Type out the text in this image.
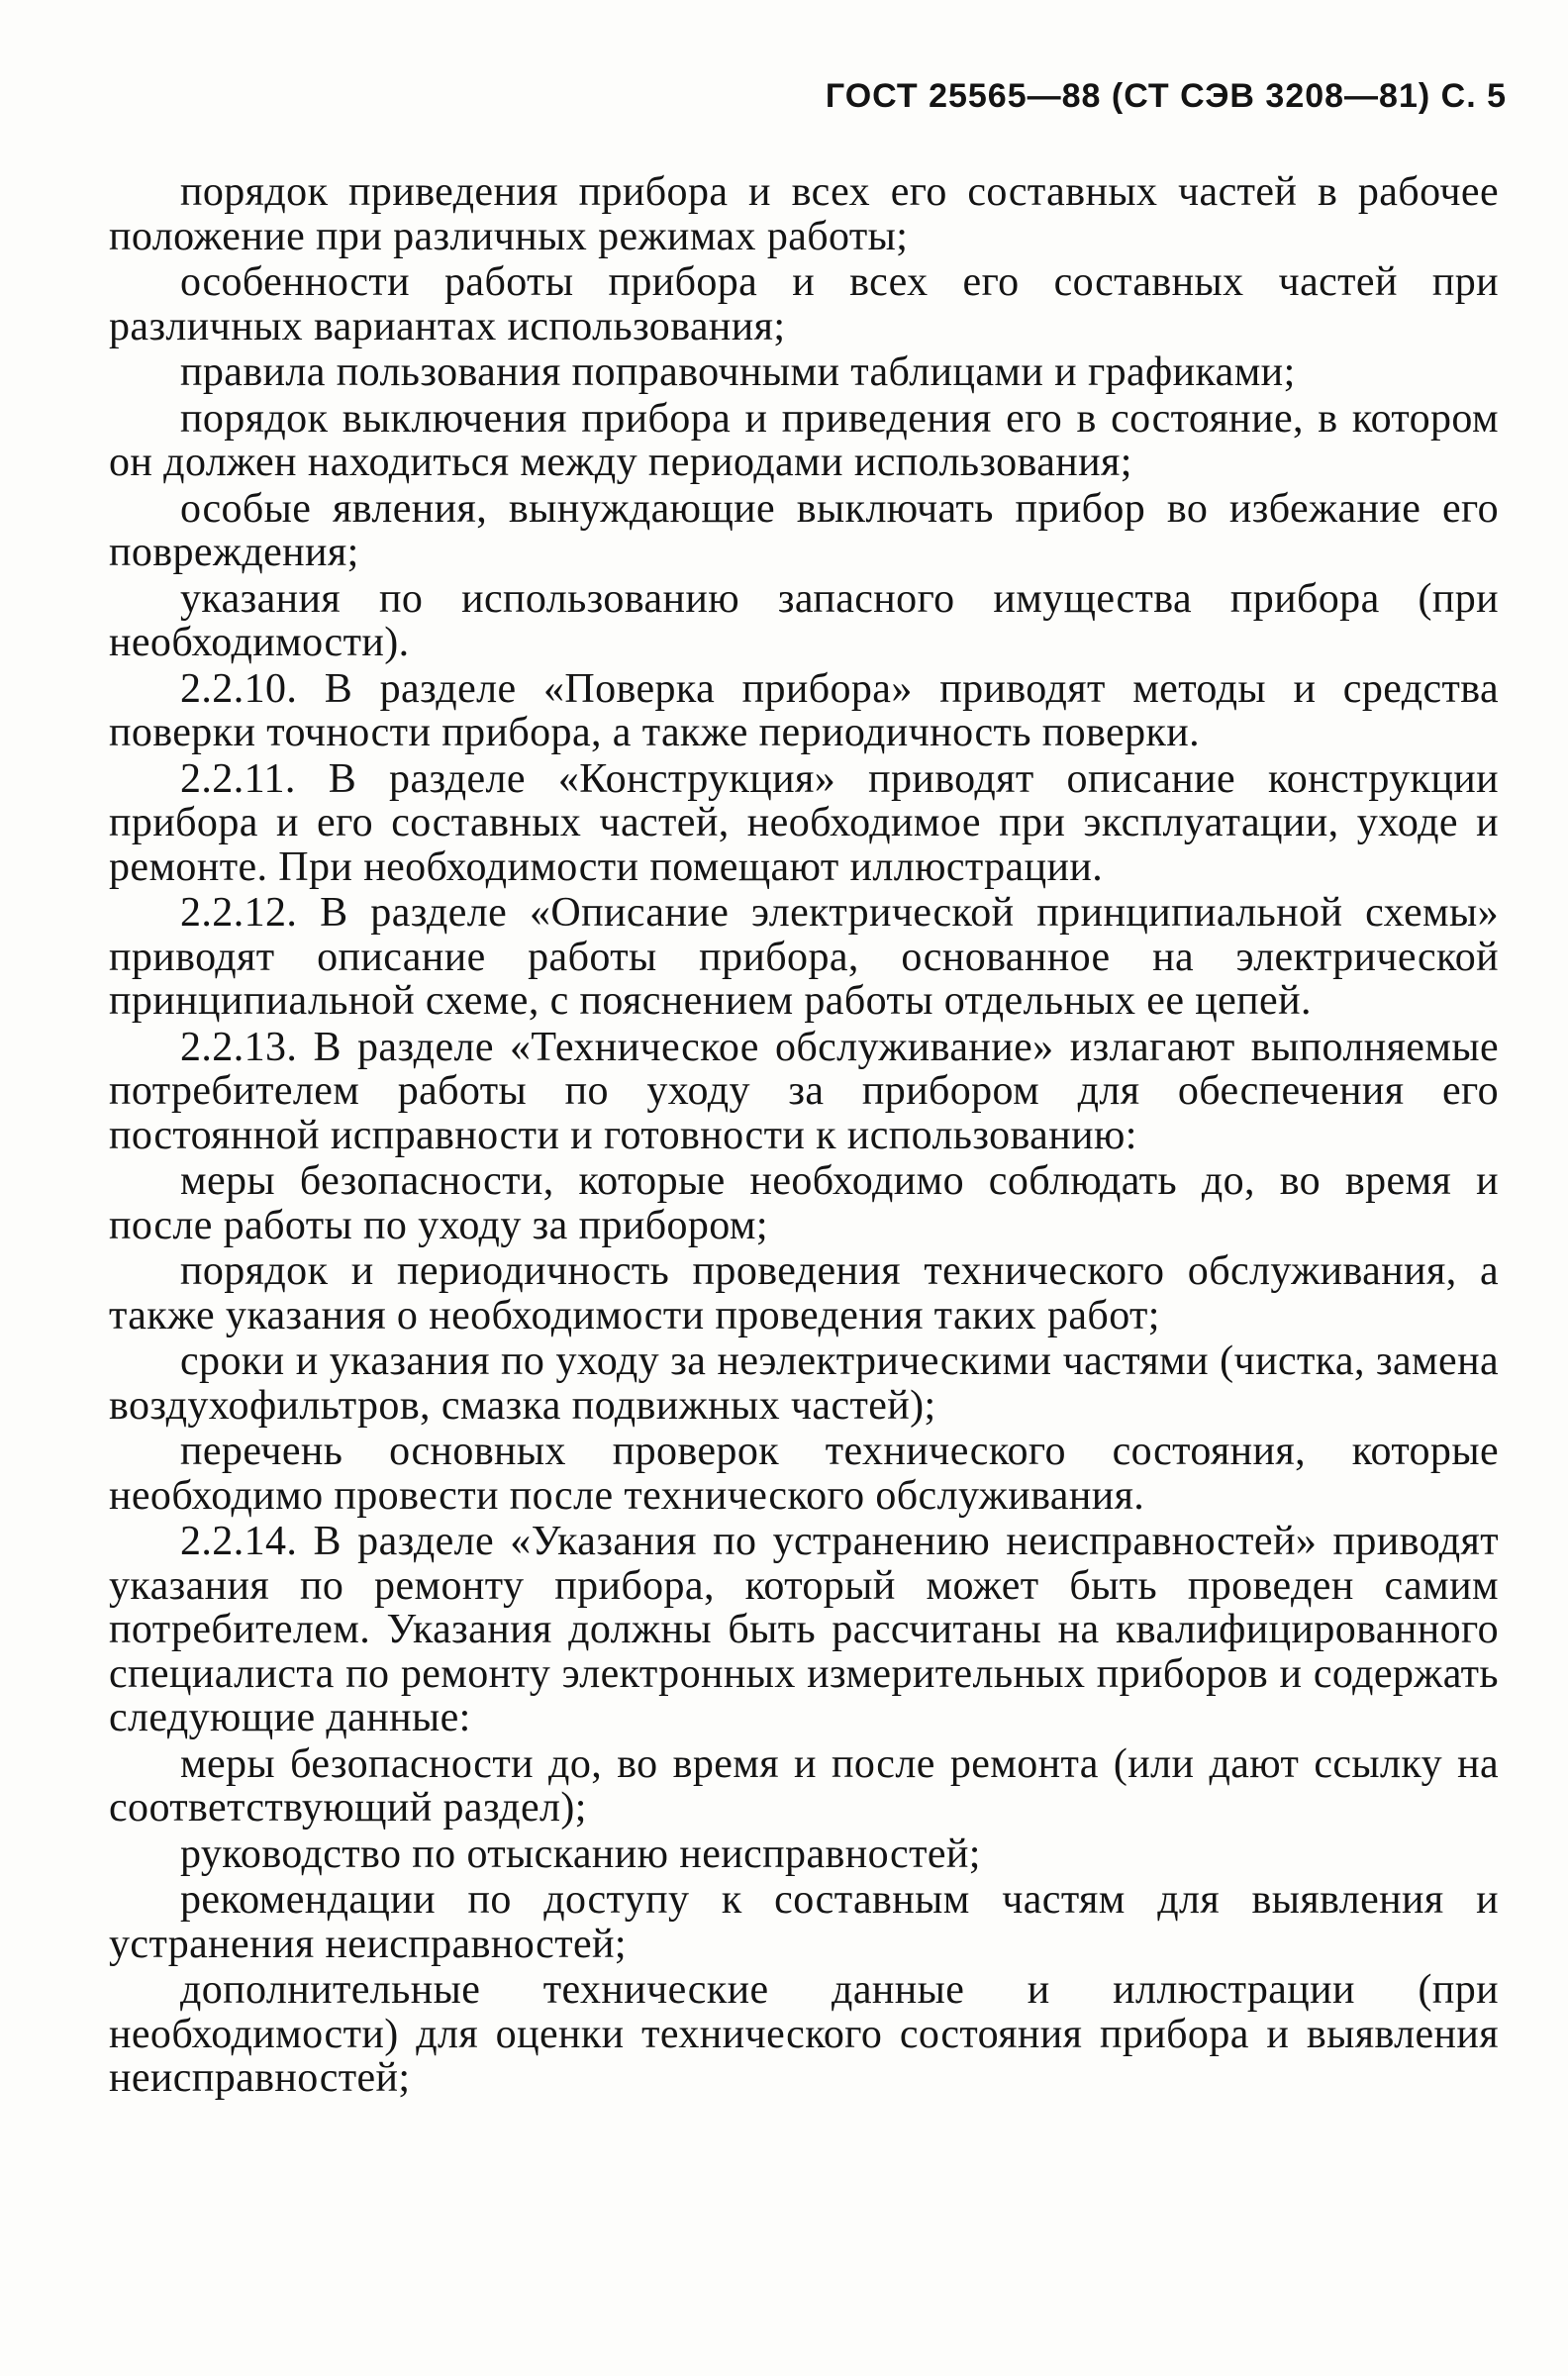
ГОСТ 25565—88 (СТ СЭВ 3208—81) С. 5

порядок приведения прибора и всех его составных частей в рабочее положение при различных режимах работы;

особенности работы прибора и всех его составных частей при различных вариантах использования;

правила пользования поправочными таблицами и графиками;

порядок выключения прибора и приведения его в состояние, в котором он должен находиться между периодами использования;

особые явления, вынуждающие выключать прибор во избежание его повреждения;

указания по использованию запасного имущества прибора (при необходимости).

2.2.10. В разделе «Поверка прибора» приводят методы и средства поверки точности прибора, а также периодичность поверки.

2.2.11. В разделе «Конструкция» приводят описание конструкции прибора и его составных частей, необходимое при эксплуатации, уходе и ремонте. При необходимости помещают иллюстрации.

2.2.12. В разделе «Описание электрической принципиальной схемы» приводят описание работы прибора, основанное на электрической принципиальной схеме, с пояснением работы отдельных ее цепей.

2.2.13. В разделе «Техническое обслуживание» излагают выполняемые потребителем работы по уходу за прибором для обеспечения его постоянной исправности и готовности к использованию:

меры безопасности, которые необходимо соблюдать до, во время и после работы по уходу за прибором;

порядок и периодичность проведения технического обслуживания, а также указания о необходимости проведения таких работ;

сроки и указания по уходу за неэлектрическими частями (чистка, замена воздухофильтров, смазка подвижных частей);

перечень основных проверок технического состояния, которые необходимо провести после технического обслуживания.

2.2.14. В разделе «Указания по устранению неисправностей» приводят указания по ремонту прибора, который может быть проведен самим потребителем. Указания должны быть рассчитаны на квалифицированного специалиста по ремонту электронных измерительных приборов и содержать следующие данные:

меры безопасности до, во время и после ремонта (или дают ссылку на соответствующий раздел);

руководство по отысканию неисправностей;

рекомендации по доступу к составным частям для выявления и устранения неисправностей;

дополнительные технические данные и иллюстрации (при необходимости) для оценки технического состояния прибора и выявления неисправностей;
